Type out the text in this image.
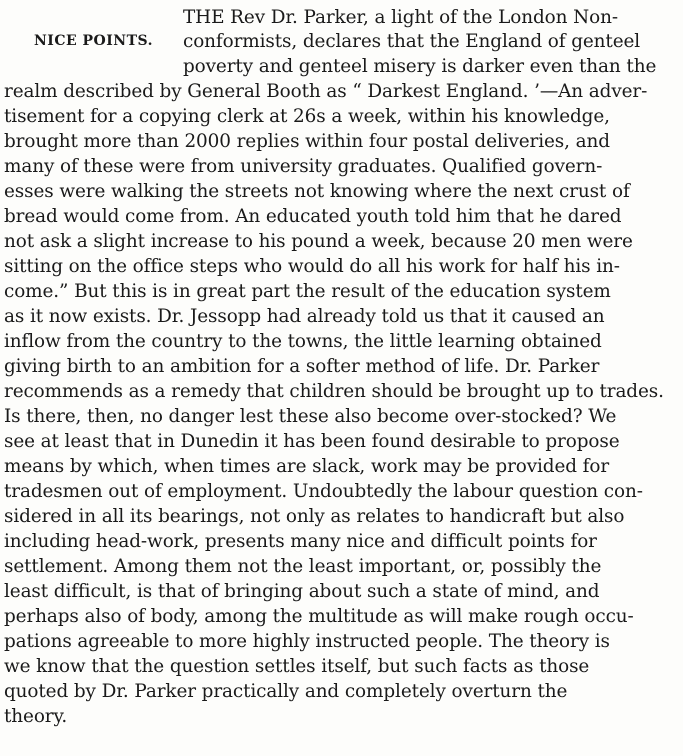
NICE POINTS.
THE Rev Dr. Parker, a light of the London Non-
conformists, declares that the England of genteel
poverty and genteel misery is darker even than the
realm described by General Booth as “ Darkest England. ’—An adver-
tisement for a copying clerk at 26s a week, within his knowledge,
brought more than 2000 replies within four postal deliveries, and
many of these were from university graduates. Qualified govern-
esses were walking the streets not knowing where the next crust of
bread would come from. An educated youth told him that he dared
not ask a slight increase to his pound a week, because 20 men were
sitting on the office steps who would do all his work for half his in-
come.” But this is in great part the result of the education system
as it now exists. Dr. Jessopp had already told us that it caused an
inflow from the country to the towns, the little learning obtained
giving birth to an ambition for a softer method of life. Dr. Parker
recommends as a remedy that children should be brought up to trades.
Is there, then, no danger lest these also become over-stocked? We
see at least that in Dunedin it has been found desirable to propose
means by which, when times are slack, work may be provided for
tradesmen out of employment. Undoubtedly the labour question con-
sidered in all its bearings, not only as relates to handicraft but also
including head-work, presents many nice and difficult points for
settlement. Among them not the least important, or, possibly the
least difficult, is that of bringing about such a state of mind, and
perhaps also of body, among the multitude as will make rough occu-
pations agreeable to more highly instructed people. The theory is
we know that the question settles itself, but such facts as those
quoted by Dr. Parker practically and completely overturn the
theory.
